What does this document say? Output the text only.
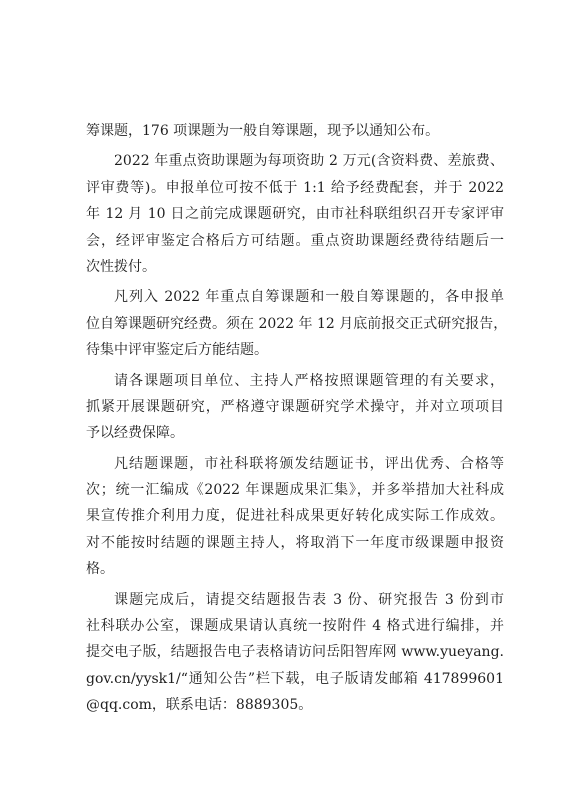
筹课题，176 项课题为一般自筹课题，现予以通知公布。
2022 年重点资助课题为每项资助 2 万元(含资料费、差旅费、
评审费等)。申报单位可按不低于 1:1 给予经费配套，并于 2022
年 12 月 10 日之前完成课题研究，由市社科联组织召开专家评审
会，经评审鉴定合格后方可结题。重点资助课题经费待结题后一
次性拨付。
凡列入 2022 年重点自筹课题和一般自筹课题的，各申报单
位自筹课题研究经费。须在 2022 年 12 月底前报交正式研究报告，
待集中评审鉴定后方能结题。
请各课题项目单位、主持人严格按照课题管理的有关要求，
抓紧开展课题研究，严格遵守课题研究学术操守，并对立项项目
予以经费保障。
凡结题课题，市社科联将颁发结题证书，评出优秀、合格等
次；统一汇编成《2022 年课题成果汇集》，并多举措加大社科成
果宣传推介利用力度，促进社科成果更好转化成实际工作成效。
对不能按时结题的课题主持人，将取消下一年度市级课题申报资
格。
课题完成后，请提交结题报告表 3 份、研究报告 3 份到市
社科联办公室，课题成果请认真统一按附件 4 格式进行编排，并
提交电子版，结题报告电子表格请访问岳阳智库网 www.yueyang.
gov.cn/yysk1/“通知公告”栏下载，电子版请发邮箱 417899601
@qq.com，联系电话：8889305。
